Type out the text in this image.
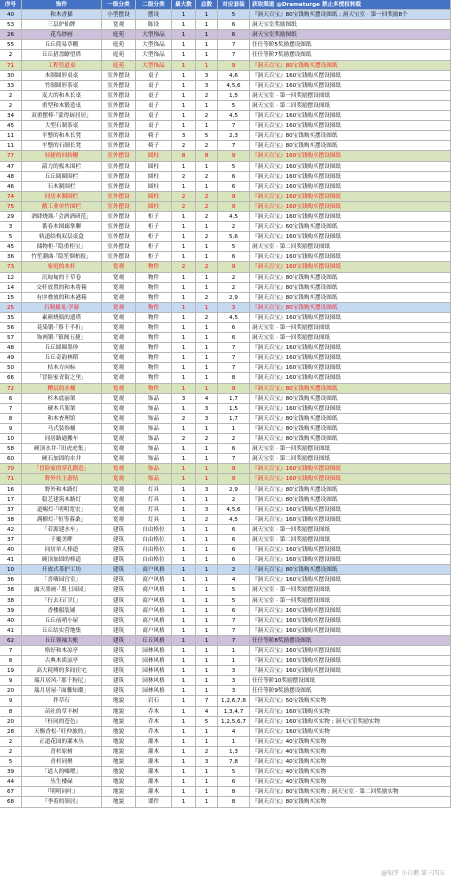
序号	饰件	一级分类	二级分类	最大数	总数	对应套装	获取渠道 @Dramaturge 禁止多授权转载
40	和木香猫	小型摆设	摆设	1	1	5	『洞天百宝』80宝钱购买摆设图纸 ; 洞天宝室 · 第一回奖励8个
53	三层炉仙牌	宽观	陈设	1	1	6	洞天宝室奖励图纸
26	花鸟纱画	庭苑	大型饰品	1	1	6	洞天宝室奖励图纸
55	丘丘简易草棚	庭苑	大型饰品	1	1	7	任任等阶5奖励摆设图纸
2	丘丘猎盘瞭望塔	庭苑	大型饰品	1	1	7	任任等阶7奖励摆设图纸
71	工程管道桌	庭苑	大型饰品	1	1	9	『洞天百宝』80宝钱购买摆设图纸
30	木制圆形桌桌	室外摆设	桌子	1	3	4,6	『洞天百宝』160宝钱购买摆设图纸
33	竹制圆形茶桌	室外摆设	桌子	1	3	4,5,6	『洞天百宝』160宝钱购买摆设图纸
2	麦大的和木长桌	室外摆设	桌子	1	2	1,5	洞天宝室 · 第一回奖励摆设图纸
2	重型和木锻造桌	室外摆设	桌子	1	1	5	洞天宝室 · 第二回奖励摆设图纸
34	双重摆棒·「蒙得厨居居」	室外摆设	桌子	1	2	4,5	『洞天百宝』160宝钱购买摆设图纸
45	大型石制茶桌	室外摆设	桌子	1	1	7	『洞天百宝』160宝钱购买摆设图纸
11	平整的和木长凳	室外摆设	椅子	3	5	2,3	『洞天百宝』80宝钱购买摆设图纸
11	平整的石制长凳	室外摆设	椅子	2	2	7	『洞天百宝』80宝钱购买摆设图纸
77	轻捷的回转栅	室外摆设	圆柱	8	8	9	『洞天百宝』160宝钱购买摆设图纸
47	韶力的板木围栏	室外摆设	圆柱	1	1	5	『洞天百宝』160宝钱购买摆设图纸
48	丘丘圆圈围栏	室外摆设	圆柱	2	2	6	『洞天百宝』160宝钱购买摆设图纸
46	石木制围栏	室外摆设	圆柱	1	1	6	『洞天百宝』160宝钱购买摆设图纸
74	同居木制围栏	室外摆设	圆柱	2	2	9	『洞天百宝』160宝钱购买摆设图纸
75	鹅工业单竹围栏	室外摆设	圆柱	2	2	9	『洞天百宝』160宝钱购买摆设图纸
29	酒肆烧瓶·「会酒酒研范」	室外摆设	柜子	1	2	4,5	『洞天百宝』160宝钱购买摆设图纸
3	番春木图廊掌聊	室外摆设	柜子	1	1	2	『洞天百宝』60宝钱购买摆设图纸
5	轨道结构双层桌盒	室外摆设	柜子	1	2	5,6	『洞天百宝』160宝钱购买摆设图纸
45	储物柜·「隐重柜宝」	室外摆设	柜子	1	1	5	洞天宝室 · 第二回奖励摆设图纸
36	竹笙潮曲·「隐笙烟柏报」	室外摆设	柜子	1	1	6	『洞天百宝』160宝钱购买摆设图纸
73	家庭的木杆	宽观	物件	2	2	9	『洞天百宝』160宝钱购买摆设图纸
12	沉甸甸的干草卷	宽观	物件	1	1	2	『洞天百宝』80宝钱购买摆设图纸
14	交杆放置的和木将箱	宽观	物件	1	1	2	『洞天百宝』80宝钱购买摆设图纸
15	有序叠放的和木港箱	宽观	物件	1	2	2,9	『洞天百宝』80宝钱购买摆设图纸
25	石制描龙·学游	宽观	物件	1	1	3	『洞天百宝』80宝钱购买摆设图纸
35	素颜烧瓶的遗塔	宽观	物件	1	2	4,5	『洞天百宝』160宝钱购买摆设图纸
56	花染锻·「蔡千半折」	宽观	物件	1	1	6	洞天宝室 · 第一回奖励摆设图纸
57	饰两锻·「镇阁五捷」	宽观	物件	1	1	6	洞天宝室 · 第一回奖励摆设图纸
48	丘丘圆圈墨珍	宽观	物件	1	1	7	『洞天百宝』160宝钱购买摆设图纸
49	丘丘奇韵林稻	宽观	物件	1	1	7	『洞天百宝』160宝钱购买摆设图纸
50	桔木方向标	宽观	物件	1	1	7	『洞天百宝』160宝钱购买摆设图纸
66	「冒险家青街之里」	宽观	物件	1	1	8	『洞天百宝』160宝钱购买摆设图纸
72	糟层的水桶	宽观	物件	1	1	9	『洞天百宝』80宝钱购买摆设图纸
6	杉木底丽架	宽观	饰品	3	4	1,7	『洞天百宝』80宝钱购买摆设图纸
7	硬木兵架架	宽观	饰品	1	3	1,5	『洞天百宝』160宝钱购买摆设图纸
8	和木查理馆	宽观	饰品	2	3	1,7	『洞天百宝』80宝钱购买摆设图纸
9	马式装饰桶	宽观	饰品	1	1	1	『洞天百宝』80宝钱购买摆设图纸
10	同居路通搬车	宽观	饰品	2	2	2	『洞天百宝』80宝钱购买摆设图纸
58	硬顶水井·「田虎虎集」	宽观	饰品	1	1	6	洞天宝室 · 第一回奖励摆设图纸
60	硬石加固的水井	宽观	饰品	1	1	7	洞天宝室 · 第二回奖励摆设图纸
70	「冒险家的穿孔锻造」	宽观	饰品	1	1	9	『洞天百宝』160宝钱购买摆设图纸
71	野外往主游钻	宽观	饰品	1	1	9	『洞天百宝』160宝钱购买摆设图纸
16	野外和木路灯	宽观	灯具	1	3	2,9	『洞天百宝』80宝钱购买摆设图纸
17	稳艺建筑木路灯	宽观	灯具	1	1	2	『洞天百宝』80宝钱购买摆设图纸
37	道赐灯·「明明宽宏」	宽观	灯具	1	3	4,5,6	『洞天百宝』160宝钱购买摆设图纸
38	满樹灯·「恒等暮桑」	宽观	灯具	1	2	4,5	『洞天百宝』160宝钱购买摆设图纸
42	「若源建水车」	建筑	自由格位	1	1	6	洞天宝室 · 第一回奖励摆设图纸
37	千覆美畔	建筑	自由格位	1	1	6	洞天宝室 · 第二回奖励摆设图纸
40	同居单人棒道	建筑	自由格位	1	1	6	『洞天百宝』160宝钱购买摆设图纸
41	硬顶加固的棒道	建筑	自由格位	1	1	6	『洞天百宝』160宝钱购买摆设图纸
10	开放式茶护工坊	建筑	商户风格	1	1	2	『洞天百宝』80宝钱购买摆设图纸
36	「喜嗨园宫室」	建筑	商户风格	1	1	4	『洞天百宝』160宝钱购买摆设图纸
38	露天墨画·「墨土园园」	建筑	商户风格	1	1	5	洞天宝室 · 第一回奖励摆设图纸
38	「行去石门红」	建筑	商户风格	1	1	5	洞天宝室 · 第一回奖励摆设图纸
39	香楼服装铺	建筑	商户风格	1	1	6	『洞天百宝』160宝钱购买摆设图纸
40	丘丘前哨小屋	建筑	商户风格	1	1	7	『洞天百宝』160宝钱购买摆设图纸
41	丘丘结实营地集	建筑	商户风格	1	1	7	『洞天百宝』160宝钱购买摆设图纸
62	丘丘领袖大帐	建筑	丘丘风格	1	1	7	任任等阶8奖励摆设图纸
7	格好和木凉亭	建筑	园林风格	1	1	1	『洞天百宝』160宝钱购买摆设图纸
8	古典木质凉亭	建筑	园林风格	1	1	1	『洞天百宝』160宝钱购买摆设图纸
19	高大耗缚的多间住宅	建筑	园林风格	1	1	3	『洞天百宝』160宝钱购买摆设图纸
9	瑞月居风·「那千狗尼」	建筑	园林风格	1	1	3	任任等阶10奖励摆设图纸
20	瑞月居屋·「面馨知潮」	建筑	园林风格	1	1	3	任任等阶9奖励摆设图纸
9	拌草石	地貌	岩石	1	7	1,2,6,7,8	『洞天百宝』50宝钱购买实物
8	苗社的草丰树	地貌	乔木	1	4	1,3,4,7	『洞天百宝』160宝钱购买实物
20	『枉同的苍色』	地貌	乔木	1	5	1,2,5,6,7	『洞天百宝』160宝钱购买实物 ; 洞天宝室奖励实物
28	天衡香松·「旺仲旅的」	地貌	乔木	1	1	4	『洞天百宝』160宝钱购买实物
2	正道花园的灌木丛	地貌	灌木	1	1	1	『洞天百宝』40宝钱购买实物
2	青杉原树	地貌	灌木	1	2	1,3	『洞天百宝』40宝钱购买实物
5	青杉同聚	地貌	灌木	1	3	7,8	『洞天百宝』40宝钱购买实物
39	「道人的嘘嗯」	地貌	灌木	1	1	5	『洞天百宝』40宝钱购买实物
44	丛生楼碌	地貌	灌木	1	1	6	『洞天百宝』40宝钱购买实物
67	『明明同叶』	地貌	灌木	1	1	8	『洞天百宝』80宝钱购买实物 ; 洞天宝室 · 第二回奖励实物
68	『季着的领居』	地貌	谍件	1	1	8	『洞天百宝』80宝钱购买实物
@知乎 小白鹅 第三四五
